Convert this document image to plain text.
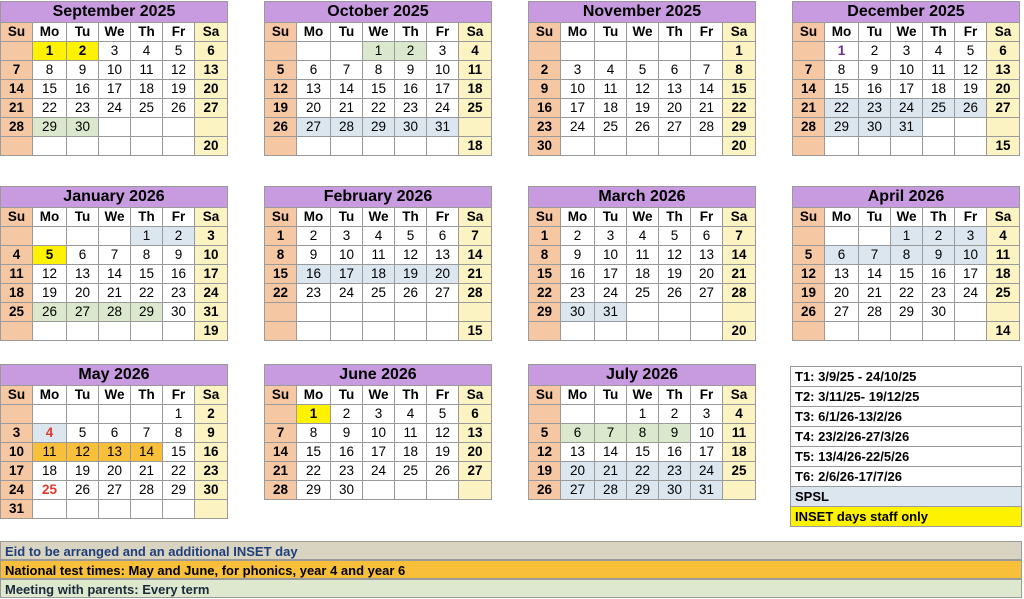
September 2025						
Su	Mo	Tu	We	Th	Fr	Sa
	1	2	3	4	5	6
7	8	9	10	11	12	13
14	15	16	17	18	19	20
21	22	23	24	25	26	27
28	29	30				
						20
October 2025						
Su	Mo	Tu	We	Th	Fr	Sa
			1	2	3	4
5	6	7	8	9	10	11
12	13	14	15	16	17	18
19	20	21	22	23	24	25
26	27	28	29	30	31	
						18
November 2025						
Su	Mo	Tu	We	Th	Fr	Sa
						1
2	3	4	5	6	7	8
9	10	11	12	13	14	15
16	17	18	19	20	21	22
23	24	25	26	27	28	29
30						20
December 2025						
Su	Mo	Tu	We	Th	Fr	Sa
	1	2	3	4	5	6
7	8	9	10	11	12	13
14	15	16	17	18	19	20
21	22	23	24	25	26	27
28	29	30	31			
						15
January 2026						
Su	Mo	Tu	We	Th	Fr	Sa
				1	2	3
4	5	6	7	8	9	10
11	12	13	14	15	16	17
18	19	20	21	22	23	24
25	26	27	28	29	30	31
						19
February 2026						
Su	Mo	Tu	We	Th	Fr	Sa
1	2	3	4	5	6	7
8	9	10	11	12	13	14
15	16	17	18	19	20	21
22	23	24	25	26	27	28

						15
March 2026						
Su	Mo	Tu	We	Th	Fr	Sa
1	2	3	4	5	6	7
8	9	10	11	12	13	14
15	16	17	18	19	20	21
22	23	24	25	26	27	28
29	30	31				
						20
April 2026						
Su	Mo	Tu	We	Th	Fr	Sa
			1	2	3	4
5	6	7	8	9	10	11
12	13	14	15	16	17	18
19	20	21	22	23	24	25
26	27	28	29	30		
						14
May 2026						
Su	Mo	Tu	We	Th	Fr	Sa
					1	2
3	4	5	6	7	8	9
10	11	12	13	14	15	16
17	18	19	20	21	22	23
24	25	26	27	28	29	30
31						
June 2026						
Su	Mo	Tu	We	Th	Fr	Sa
	1	2	3	4	5	6
7	8	9	10	11	12	13
14	15	16	17	18	19	20
21	22	23	24	25	26	27
28	29	30				
July 2026						
Su	Mo	Tu	We	Th	Fr	Sa
			1	2	3	4
5	6	7	8	9	10	11
12	13	14	15	16	17	18
19	20	21	22	23	24	25
26	27	28	29	30	31	
T1: 3/9/25 - 24/10/25
T2: 3/11/25- 19/12/25
T3: 6/1/26-13/2/26
T4: 23/2/26-27/3/26
T5: 13/4/26-22/5/26
T6: 2/6/26-17/7/26
SPSL
INSET days staff only
Eid to be arranged and an additional INSET day
National test times: May and June, for phonics, year 4 and year 6
Meeting with parents: Every term
